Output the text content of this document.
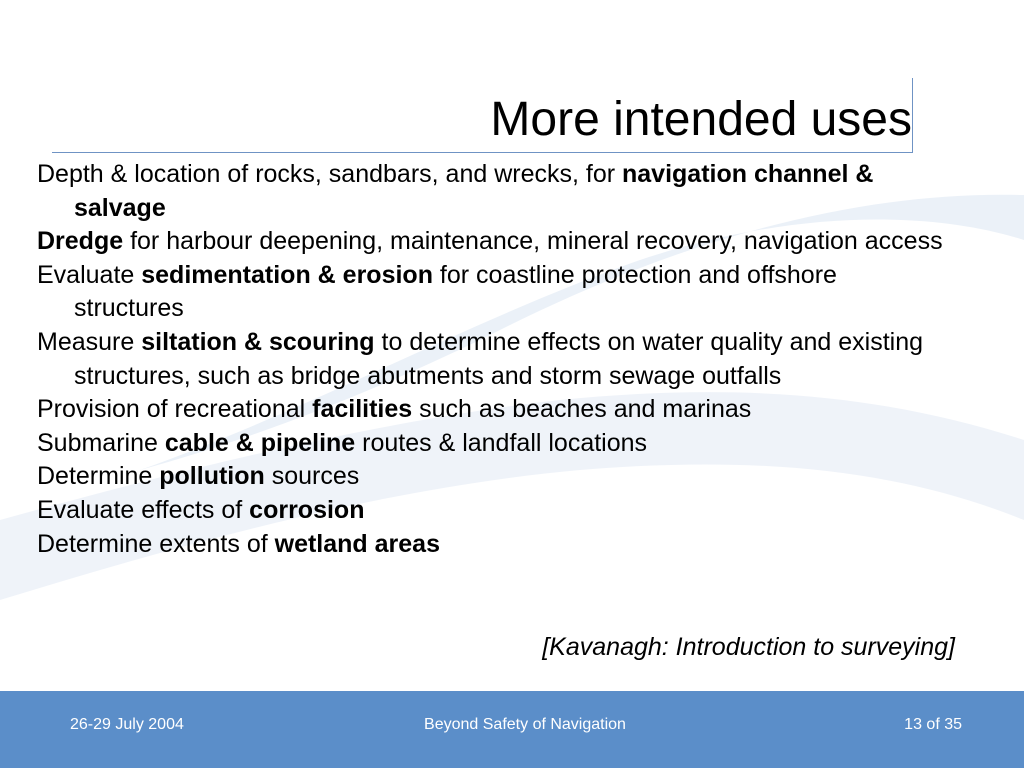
More intended uses
Depth & location of rocks, sandbars, and wrecks, for navigation channel & salvage
Dredge for harbour deepening, maintenance, mineral recovery, navigation access
Evaluate sedimentation & erosion for coastline protection and offshore structures
Measure siltation & scouring to determine effects on water quality and existing structures, such as bridge abutments and storm sewage outfalls
Provision of recreational facilities such as beaches and marinas
Submarine cable & pipeline routes & landfall locations
Determine pollution sources
Evaluate effects of corrosion
Determine extents of wetland areas
[Kavanagh: Introduction to surveying]
26-29 July 2004	Beyond Safety of Navigation	13 of 35
